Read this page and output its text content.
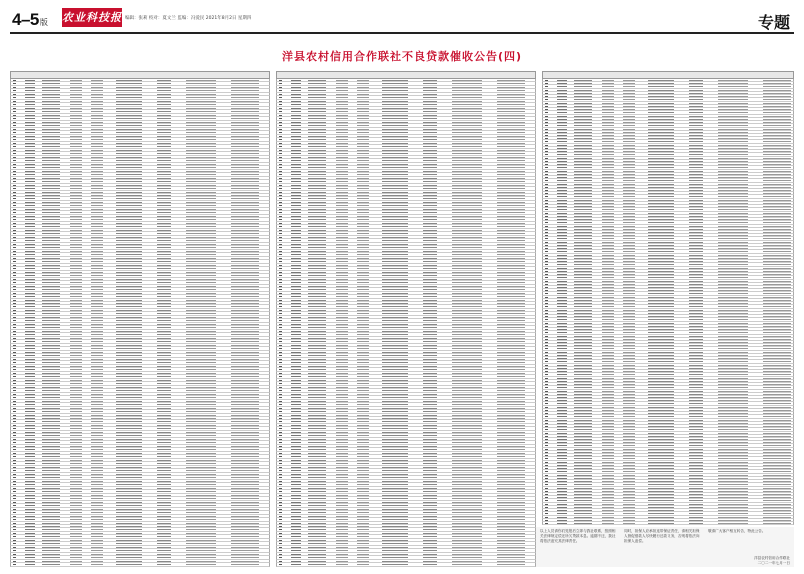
4–5版 农业科技报 编辑：张莉 校对：夏文兰 监编：冯爱民 2021年8月2日 星期四	专题
洋县农村信用合作联社不良贷款催收公告(四)
以上人员请你们见报后立即与我社联系，按照相关法律规定偿还所欠贷款本息。逾期不还，我社将依法追究其法律责任。
同时，担保人应承担连带保证责任，请相关担保人督促借款人尽快履行还款义务，否则将依法向担保人追偿。
敬请广大客户相互转告，特此公告。
洋县农村信用合作联社
二〇二一年七月一日
